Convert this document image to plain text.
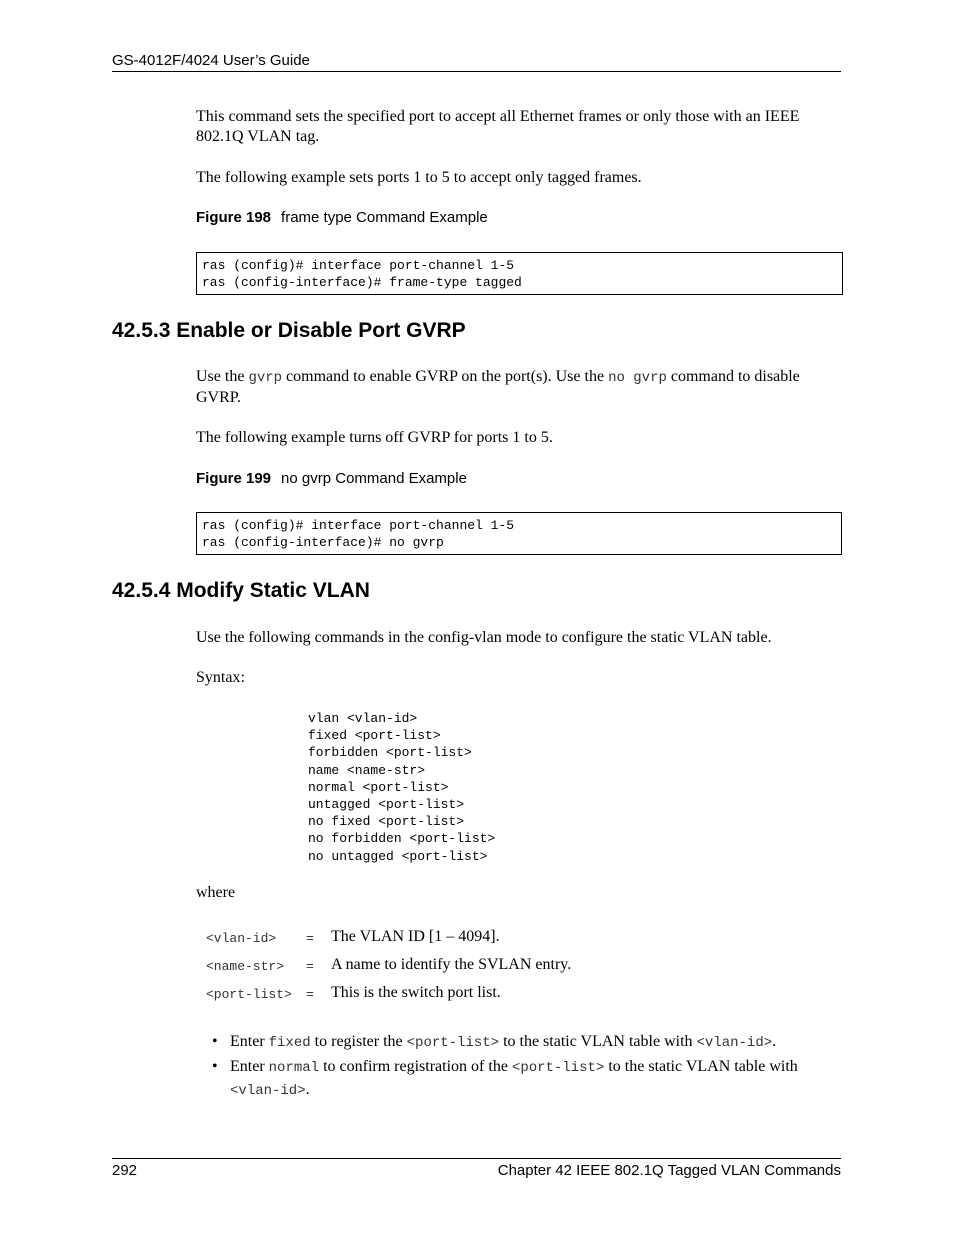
GS-4012F/4024 User’s Guide
This command sets the specified port to accept all Ethernet frames or only those with an IEEE 802.1Q VLAN tag.
The following example sets ports 1 to 5 to accept only tagged frames.
Figure 198 frame type Command Example
ras (config)# interface port-channel 1-5
ras (config-interface)# frame-type tagged
42.5.3 Enable or Disable Port GVRP
Use the gvrp command to enable GVRP on the port(s). Use the no gvrp command to disable GVRP.
The following example turns off GVRP for ports 1 to 5.
Figure 199 no gvrp Command Example
ras (config)# interface port-channel 1-5
ras (config-interface)# no gvrp
42.5.4 Modify Static VLAN
Use the following commands in the config-vlan mode to configure the static VLAN table.
Syntax:
vlan <vlan-id>
fixed <port-list>
forbidden <port-list>
name <name-str>
normal <port-list>
untagged <port-list>
no fixed <port-list>
no forbidden <port-list>
no untagged <port-list>
where
<vlan-id> = The VLAN ID [1 – 4094].
<name-str> = A name to identify the SVLAN entry.
<port-list> = This is the switch port list.
• Enter fixed to register the <port-list> to the static VLAN table with <vlan-id>.
• Enter normal to confirm registration of the <port-list> to the static VLAN table with <vlan-id>.
292	Chapter 42 IEEE 802.1Q Tagged VLAN Commands
